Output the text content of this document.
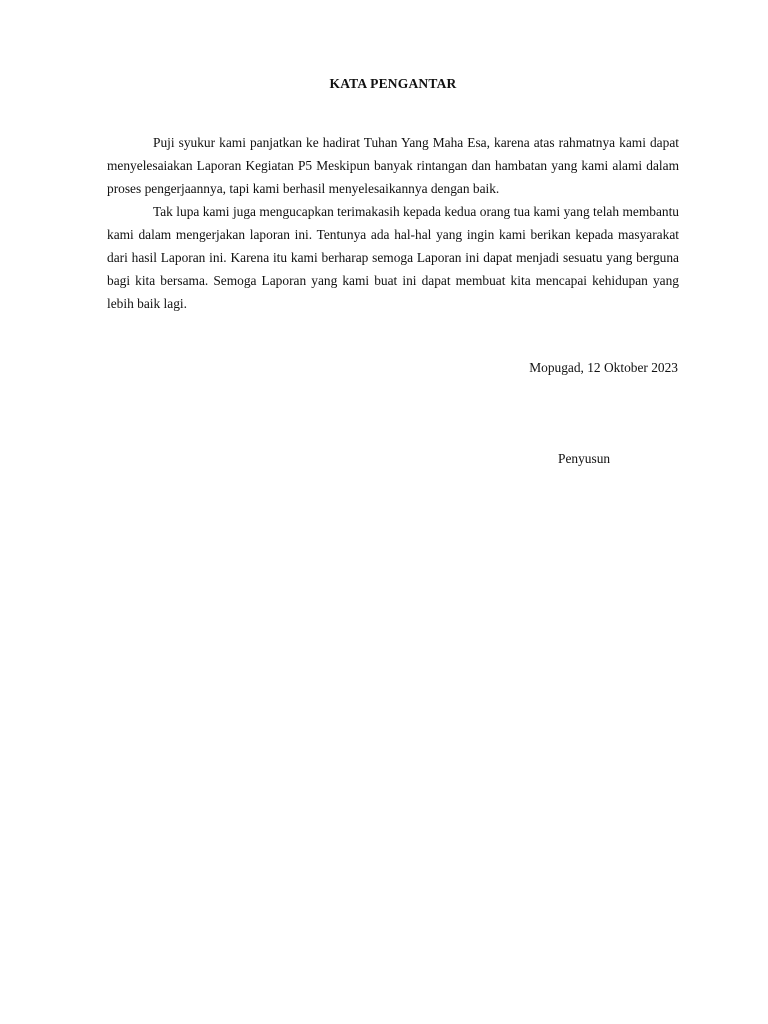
KATA PENGANTAR

Puji syukur kami panjatkan ke hadirat Tuhan Yang Maha Esa, karena atas rahmatnya kami dapat menyelesaiakan Laporan Kegiatan P5 Meskipun banyak rintangan dan hambatan yang kami alami dalam proses pengerjaannya, tapi kami berhasil menyelesaikannya dengan baik.

Tak lupa kami juga mengucapkan terimakasih kepada kedua orang tua kami yang telah membantu kami dalam mengerjakan laporan ini. Tentunya ada hal-hal yang ingin kami berikan kepada masyarakat dari hasil Laporan ini. Karena itu kami berharap semoga Laporan ini dapat menjadi sesuatu yang berguna bagi kita bersama. Semoga Laporan yang kami buat ini dapat membuat kita mencapai kehidupan yang lebih baik lagi.

Mopugad, 12 Oktober 2023
Penyusun
